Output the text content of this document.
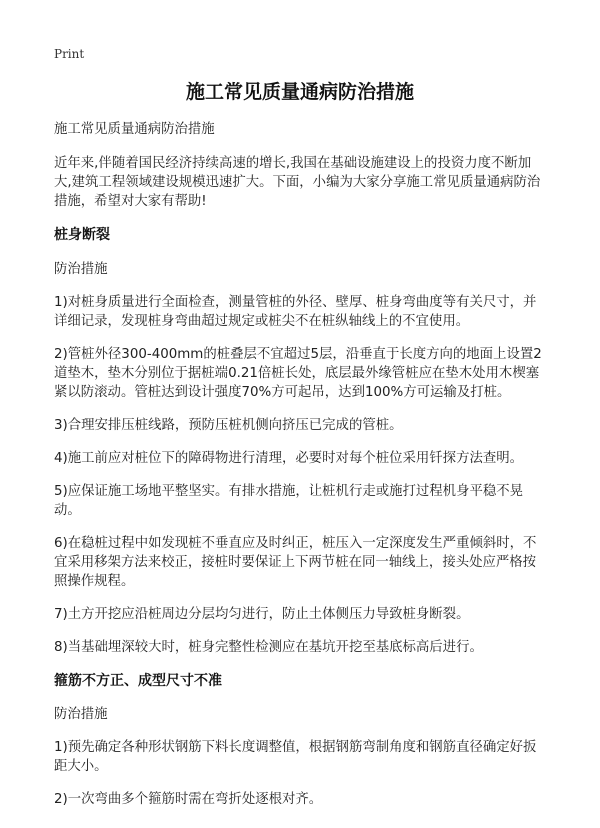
Print
施工常见质量通病防治措施

施工常见质量通病防治措施

近年来,伴随着国民经济持续高速的增长,我国在基础设施建设上的投资力度不断加大,建筑工程领域建设规模迅速扩大。下面，小编为大家分享施工常见质量通病防治措施，希望对大家有帮助!

桩身断裂

防治措施

1)对桩身质量进行全面检查，测量管桩的外径、壁厚、桩身弯曲度等有关尺寸，并详细记录，发现桩身弯曲超过规定或桩尖不在桩纵轴线上的不宜使用。

2)管桩外径300-400mm的桩叠层不宜超过5层，沿垂直于长度方向的地面上设置2道垫木，垫木分别位于据桩端0.21倍桩长处，底层最外缘管桩应在垫木处用木楔塞紧以防滚动。管桩达到设计强度70%方可起吊，达到100%方可运输及打桩。

3)合理安排压桩线路，预防压桩机侧向挤压已完成的管桩。

4)施工前应对桩位下的障碍物进行清理，必要时对每个桩位采用钎探方法查明。

5)应保证施工场地平整坚实。有排水措施，让桩机行走或施打过程机身平稳不晃动。

6)在稳桩过程中如发现桩不垂直应及时纠正，桩压入一定深度发生严重倾斜时，不宜采用移架方法来校正，接桩时要保证上下两节桩在同一轴线上，接头处应严格按照操作规程。

7)土方开挖应沿桩周边分层均匀进行，防止土体侧压力导致桩身断裂。

8)当基础埋深较大时，桩身完整性检测应在基坑开挖至基底标高后进行。

箍筋不方正、成型尺寸不准

防治措施

1)预先确定各种形状钢筋下料长度调整值，根据钢筋弯制角度和钢筋直径确定好扳距大小。

2)一次弯曲多个箍筋时需在弯折处逐根对齐。
